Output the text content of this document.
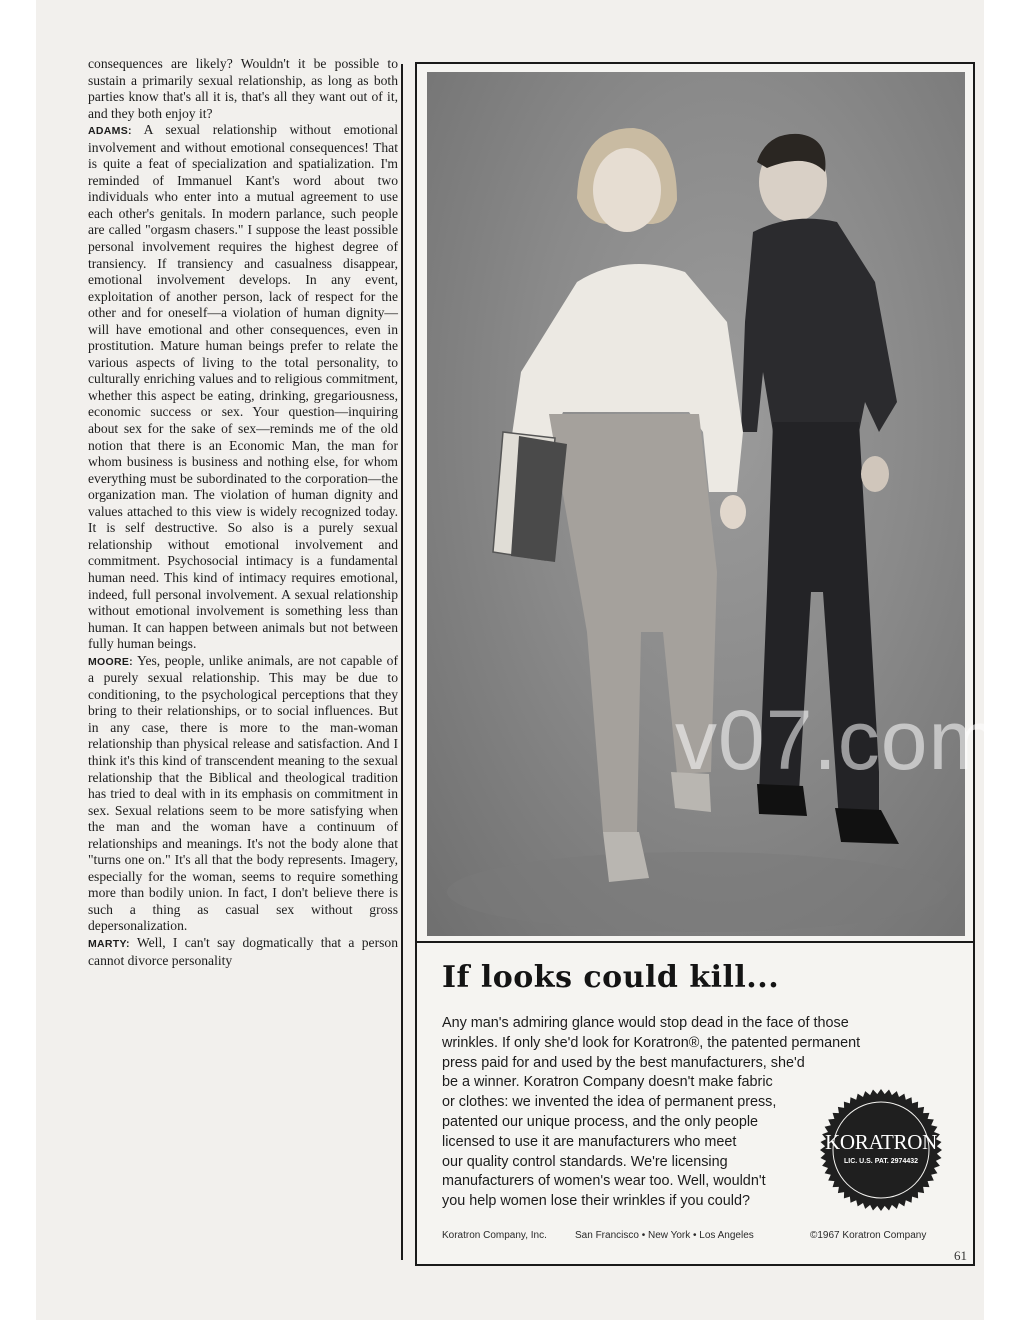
consequences are likely? Wouldn't it be possible to sustain a primarily sexual relationship, as long as both parties know that's all it is, that's all they want out of it, and they both enjoy it?

ADAMS: A sexual relationship without emotional involvement and without emotional consequences! That is quite a feat of specialization and spatialization. I'm reminded of Immanuel Kant's word about two individuals who enter into a mutual agreement to use each other's genitals. In modern parlance, such people are called "orgasm chasers." I suppose the least possible personal involvement requires the highest degree of transiency. If transiency and casualness disappear, emotional involvement develops. In any event, exploitation of another person, lack of respect for the other and for oneself—a violation of human dignity—will have emotional and other consequences, even in prostitution. Mature human beings prefer to relate the various aspects of living to the total personality, to culturally enriching values and to religious commitment, whether this aspect be eating, drinking, gregariousness, economic success or sex. Your question—inquiring about sex for the sake of sex—reminds me of the old notion that there is an Economic Man, the man for whom business is business and nothing else, for whom everything must be subordinated to the corporation—the organization man. The violation of human dignity and values attached to this view is widely recognized today. It is self destructive. So also is a purely sexual relationship without emotional involvement and commitment. Psychosocial intimacy is a fundamental human need. This kind of intimacy requires emotional, indeed, full personal involvement. A sexual relationship without emotional involvement is something less than human. It can happen between animals but not between fully human beings.

MOORE: Yes, people, unlike animals, are not capable of a purely sexual relationship. This may be due to conditioning, to the psychological perceptions that they bring to their relationships, or to social influences. But in any case, there is more to the man-woman relationship than physical release and satisfaction. And I think it's this kind of transcendent meaning to the sexual relationship that the Biblical and theological tradition has tried to deal with in its emphasis on commitment in sex. Sexual relations seem to be more satisfying when the man and the woman have a continuum of relationships and meanings. It's not the body alone that "turns one on." It's all that the body represents. Imagery, especially for the woman, seems to require something more than bodily union. In fact, I don't believe there is such a thing as casual sex without gross depersonalization.

MARTY: Well, I can't say dogmatically that a person cannot divorce personality

v07.com
If looks could kill...
Any man's admiring glance would stop dead in the face of those
wrinkles. If only she'd look for Koratron®, the patented permanent
press paid for and used by the best manufacturers, she'd
be a winner. Koratron Company doesn't make fabric
or clothes: we invented the idea of permanent press,
patented our unique process, and the only people
licensed to use it are manufacturers who meet
our quality control standards. We're licensing
manufacturers of women's wear too. Well, wouldn't
you help women lose their wrinkles if you could?
KORATRON
LIC. U.S. PAT. 2974432
Koratron Company, Inc.	San Francisco • New York • Los Angeles	©1967 Koratron Company
61
